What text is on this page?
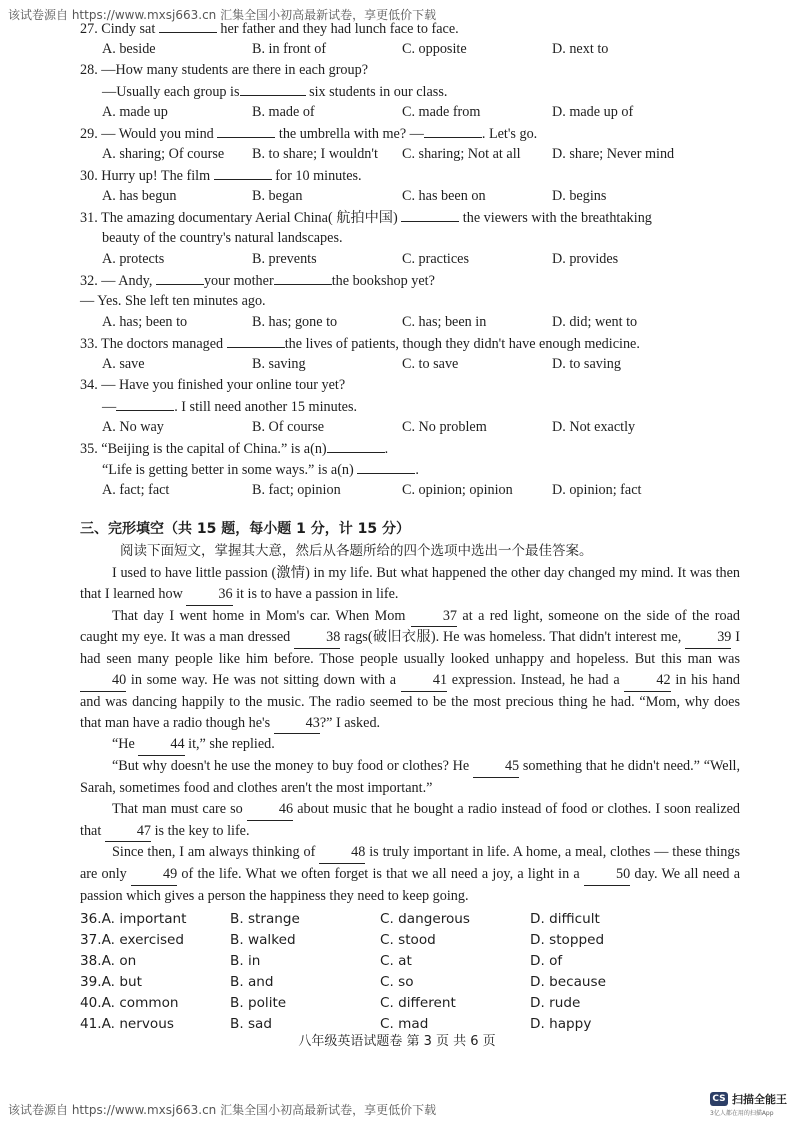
该试卷源自 https://www.mxsj663.cn 汇集全国小初高最新试卷，享更低价下载
27. Cindy sat	her father and they had lunch face to face.
A. beside	B. in front of	C. opposite	D. next to
28. —How many students are there in each group?
—Usually each group is	six students in our class.
A. made up	B. made of	C. made from	D. made up of
29. — Would you mind	the umbrella with me? —	. Let's go.
A. sharing; Of course	B. to share; I wouldn't	C. sharing; Not at all	D. share; Never mind
30. Hurry up! The film	for 10 minutes.
A. has begun	B. began	C. has been on	D. begins
31. The amazing documentary Aerial China( 航拍中国)	the viewers with the breathtaking
beauty of the country's natural landscapes.
A. protects	B. prevents	C. practices	D. provides
32. — Andy,	your mother	the bookshop yet?
— Yes. She left ten minutes ago.
A. has; been to	B. has; gone to	C. has; been in	D. did; went to
33. The doctors managed	the lives of patients, though they didn't have enough medicine.
A. save	B. saving	C. to save	D. to saving
34. — Have you finished your online tour yet?
—	. I still need another 15 minutes.
A. No way	B. Of course	C. No problem	D. Not exactly
35. “Beijing is the capital of China.” is a(n)	.
“Life is getting better in some ways.” is a(n)	.
A. fact; fact	B. fact; opinion	C. opinion; opinion	D. opinion; fact
三、完形填空（共 15 题，每小题 1 分，计 15 分）
阅读下面短文，掌握其大意，然后从各题所给的四个选项中选出一个最佳答案。

I used to have little passion (激情) in my life. But what happened the other day changed my mind. It was then that I learned how 36 it is to have a passion in life.

That day I went home in Mom's car. When Mom 37 at a red light, someone on the side of the road caught my eye. It was a man dressed 38 rags(破旧衣服). He was homeless. That didn't interest me, 39 I had seen many people like him before. Those people usually looked unhappy and hopeless. But this man was 40 in some way. He was not sitting down with a 41 expression. Instead, he had a 42 in his hand and was dancing happily to the music. The radio seemed to be the most precious thing he had. “Mom, why does that man have a radio though he's 43?” I asked.

“He 44 it,” she replied.

“But why doesn't he use the money to buy food or clothes? He 45 something that he didn't need.” “Well, Sarah, sometimes food and clothes aren't the most important.”

That man must care so 46 about music that he bought a radio instead of food or clothes. I soon realized that 47 is the key to life.

Since then, I am always thinking of 48 is truly important in life. A home, a meal, clothes — these things are only 49 of the life. What we often forget is that we all need a joy, a light in a 50 day. We all need a passion which gives a person the happiness they need to keep going.

36.A. important	B. strange	C. dangerous	D. difficult
37.A. exercised	B. walked	C. stood	D. stopped
38.A. on	B. in	C. at	D. of
39.A. but	B. and	C. so	D. because
40.A. common	B. polite	C. different	D. rude
41.A. nervous	B. sad	C. mad	D. happy
八年级英语试题卷 第 3 页 共 6 页
CS 扫描全能王
3亿人都在用的扫描App
该试卷源自 https://www.mxsj663.cn 汇集全国小初高最新试卷，享更低价下载
